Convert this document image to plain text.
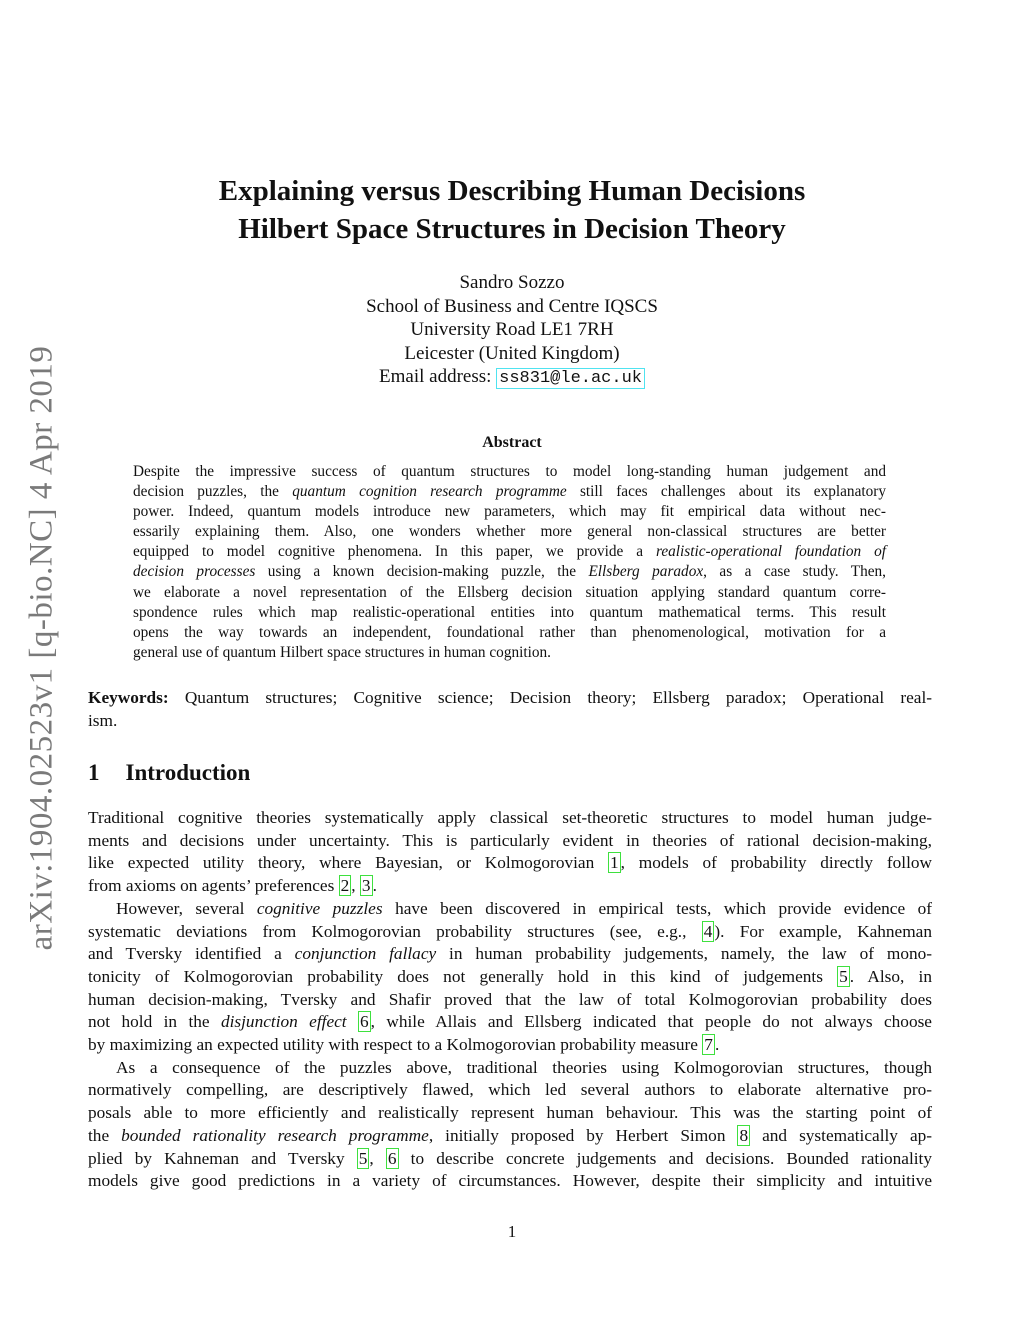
arXiv:1904.02523v1 [q-bio.NC] 4 Apr 2019
Explaining versus Describing Human Decisions
Hilbert Space Structures in Decision Theory
Sandro Sozzo
School of Business and Centre IQSCS
University Road LE1 7RH
Leicester (United Kingdom)
Email address: ss831@le.ac.uk
Abstract
Despite the impressive success of quantum structures to model long-standing human judgement and
decision puzzles, the quantum cognition research programme still faces challenges about its explanatory
power. Indeed, quantum models introduce new parameters, which may fit empirical data without nec-
essarily explaining them. Also, one wonders whether more general non-classical structures are better
equipped to model cognitive phenomena. In this paper, we provide a realistic-operational foundation of
decision processes using a known decision-making puzzle, the Ellsberg paradox, as a case study. Then,
we elaborate a novel representation of the Ellsberg decision situation applying standard quantum corre-
spondence rules which map realistic-operational entities into quantum mathematical terms. This result
opens the way towards an independent, foundational rather than phenomenological, motivation for a
general use of quantum Hilbert space structures in human cognition.
Keywords: Quantum structures; Cognitive science; Decision theory; Ellsberg paradox; Operational real-
ism.
1 Introduction
Traditional cognitive theories systematically apply classical set-theoretic structures to model human judge-
ments and decisions under uncertainty. This is particularly evident in theories of rational decision-making,
like expected utility theory, where Bayesian, or Kolmogorovian 1 , models of probability directly follow
from axioms on agents’ preferences 2 , 3 .
However, several cognitive puzzles have been discovered in empirical tests, which provide evidence of
systematic deviations from Kolmogorovian probability structures (see, e.g., 4 ). For example, Kahneman
and Tversky identified a conjunction fallacy in human probability judgements, namely, the law of mono-
tonicity of Kolmogorovian probability does not generally hold in this kind of judgements 5 . Also, in
human decision-making, Tversky and Shafir proved that the law of total Kolmogorovian probability does
not hold in the disjunction effect 6 , while Allais and Ellsberg indicated that people do not always choose
by maximizing an expected utility with respect to a Kolmogorovian probability measure 7 .
As a consequence of the puzzles above, traditional theories using Kolmogorovian structures, though
normatively compelling, are descriptively flawed, which led several authors to elaborate alternative pro-
posals able to more efficiently and realistically represent human behaviour. This was the starting point of
the bounded rationality research programme, initially proposed by Herbert Simon 8 and systematically ap-
plied by Kahneman and Tversky 5 , 6 to describe concrete judgements and decisions. Bounded rationality
models give good predictions in a variety of circumstances. However, despite their simplicity and intuitive
1
